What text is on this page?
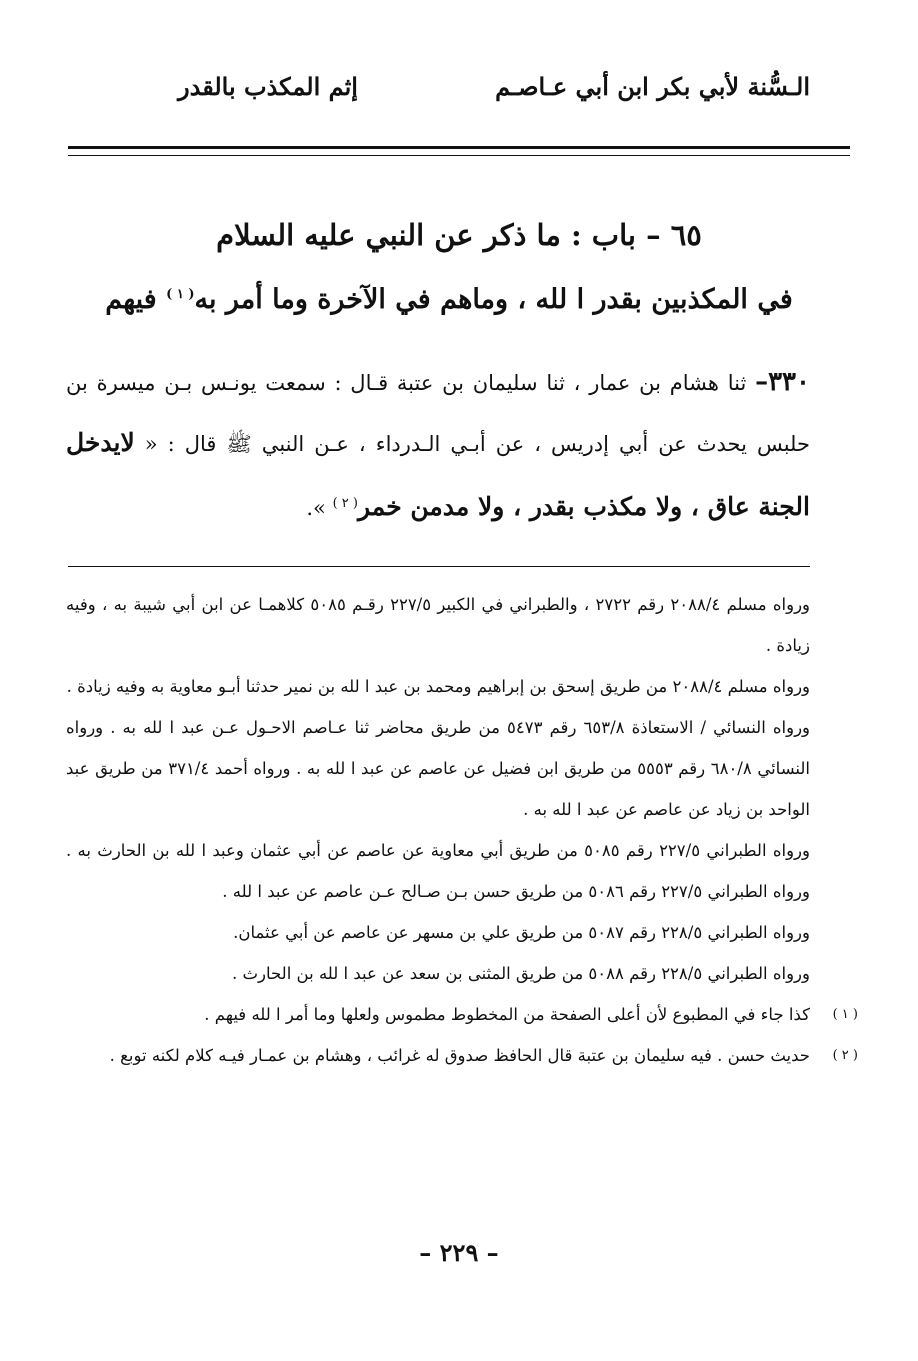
الـسُّنة لأبي بكر ابن أبي عـاصـم
إثم المكذب بالقدر
٦٥ – باب : ما ذكر عن النبي عليه السلام
في المكذبين بقدر ا لله ، وماهم في الآخرة وما أمر به$^{( ١ )}$ فيهم
٣٣٠– ثنا هشام بن عمار ، ثنا سليمان بن عتبة قـال : سمعت يونـس بـن ميسرة بن حلبس يحدث عن أبي إدريس ، عن أبـي الـدرداء ، عـن النبي ﷺ قال : « لايدخل الجنة عاق ، ولا مكذب بقدر ، ولا مدمن خمر$^{( ٢ )}$ ».

ورواه مسلم ٢٠٨٨/٤ رقم ٢٧٢٢ ، والطبراني في الكبير ٢٢٧/٥ رقـم ٥٠٨٥ كلاهمـا عن ابن أبي شيبة به ، وفيه زيادة .

ورواه مسلم ٢٠٨٨/٤ من طريق إسحق بن إبراهيم ومحمد بن عبد ا لله بن نمير حدثنا أبـو معاوية به وفيه زيادة .

ورواه النسائي / الاستعاذة ٦٥٣/٨ رقم ٥٤٧٣ من طريق محاضر ثنا عـاصم الاحـول عـن عبد ا لله به . ورواه النسائي ٦٨٠/٨ رقم ٥٥٥٣ من طريق ابن فضيل عن عاصم عن عبد ا لله به . ورواه أحمد ٣٧١/٤ من طريق عبد الواحد بن زياد عن عاصم عن عبد ا لله به .

ورواه الطبراني ٢٢٧/٥ رقم ٥٠٨٥ من طريق أبي معاوية عن عاصم عن أبي عثمان وعبد ا لله بن الحارث به . ورواه الطبراني ٢٢٧/٥ رقم ٥٠٨٦ من طريق حسن بـن صـالح عـن عاصم عن عبد ا لله .

ورواه الطبراني ٢٢٨/٥ رقم ٥٠٨٧ من طريق علي بن مسهر عن عاصم عن أبي عثمان.

ورواه الطبراني ٢٢٨/٥ رقم ٥٠٨٨ من طريق المثنى بن سعد عن عبد ا لله بن الحارث .

( ١ )
كذا جاء في المطبوع لأن أعلى الصفحة من المخطوط مطموس ولعلها وما أمر ا لله فيهم .

( ٢ )
حديث حسن . فيه سليمان بن عتبة قال الحافظ صدوق له غرائب ، وهشام بن عمـار فيـه كلام لكنه توبع .

– ٢٢٩ –
